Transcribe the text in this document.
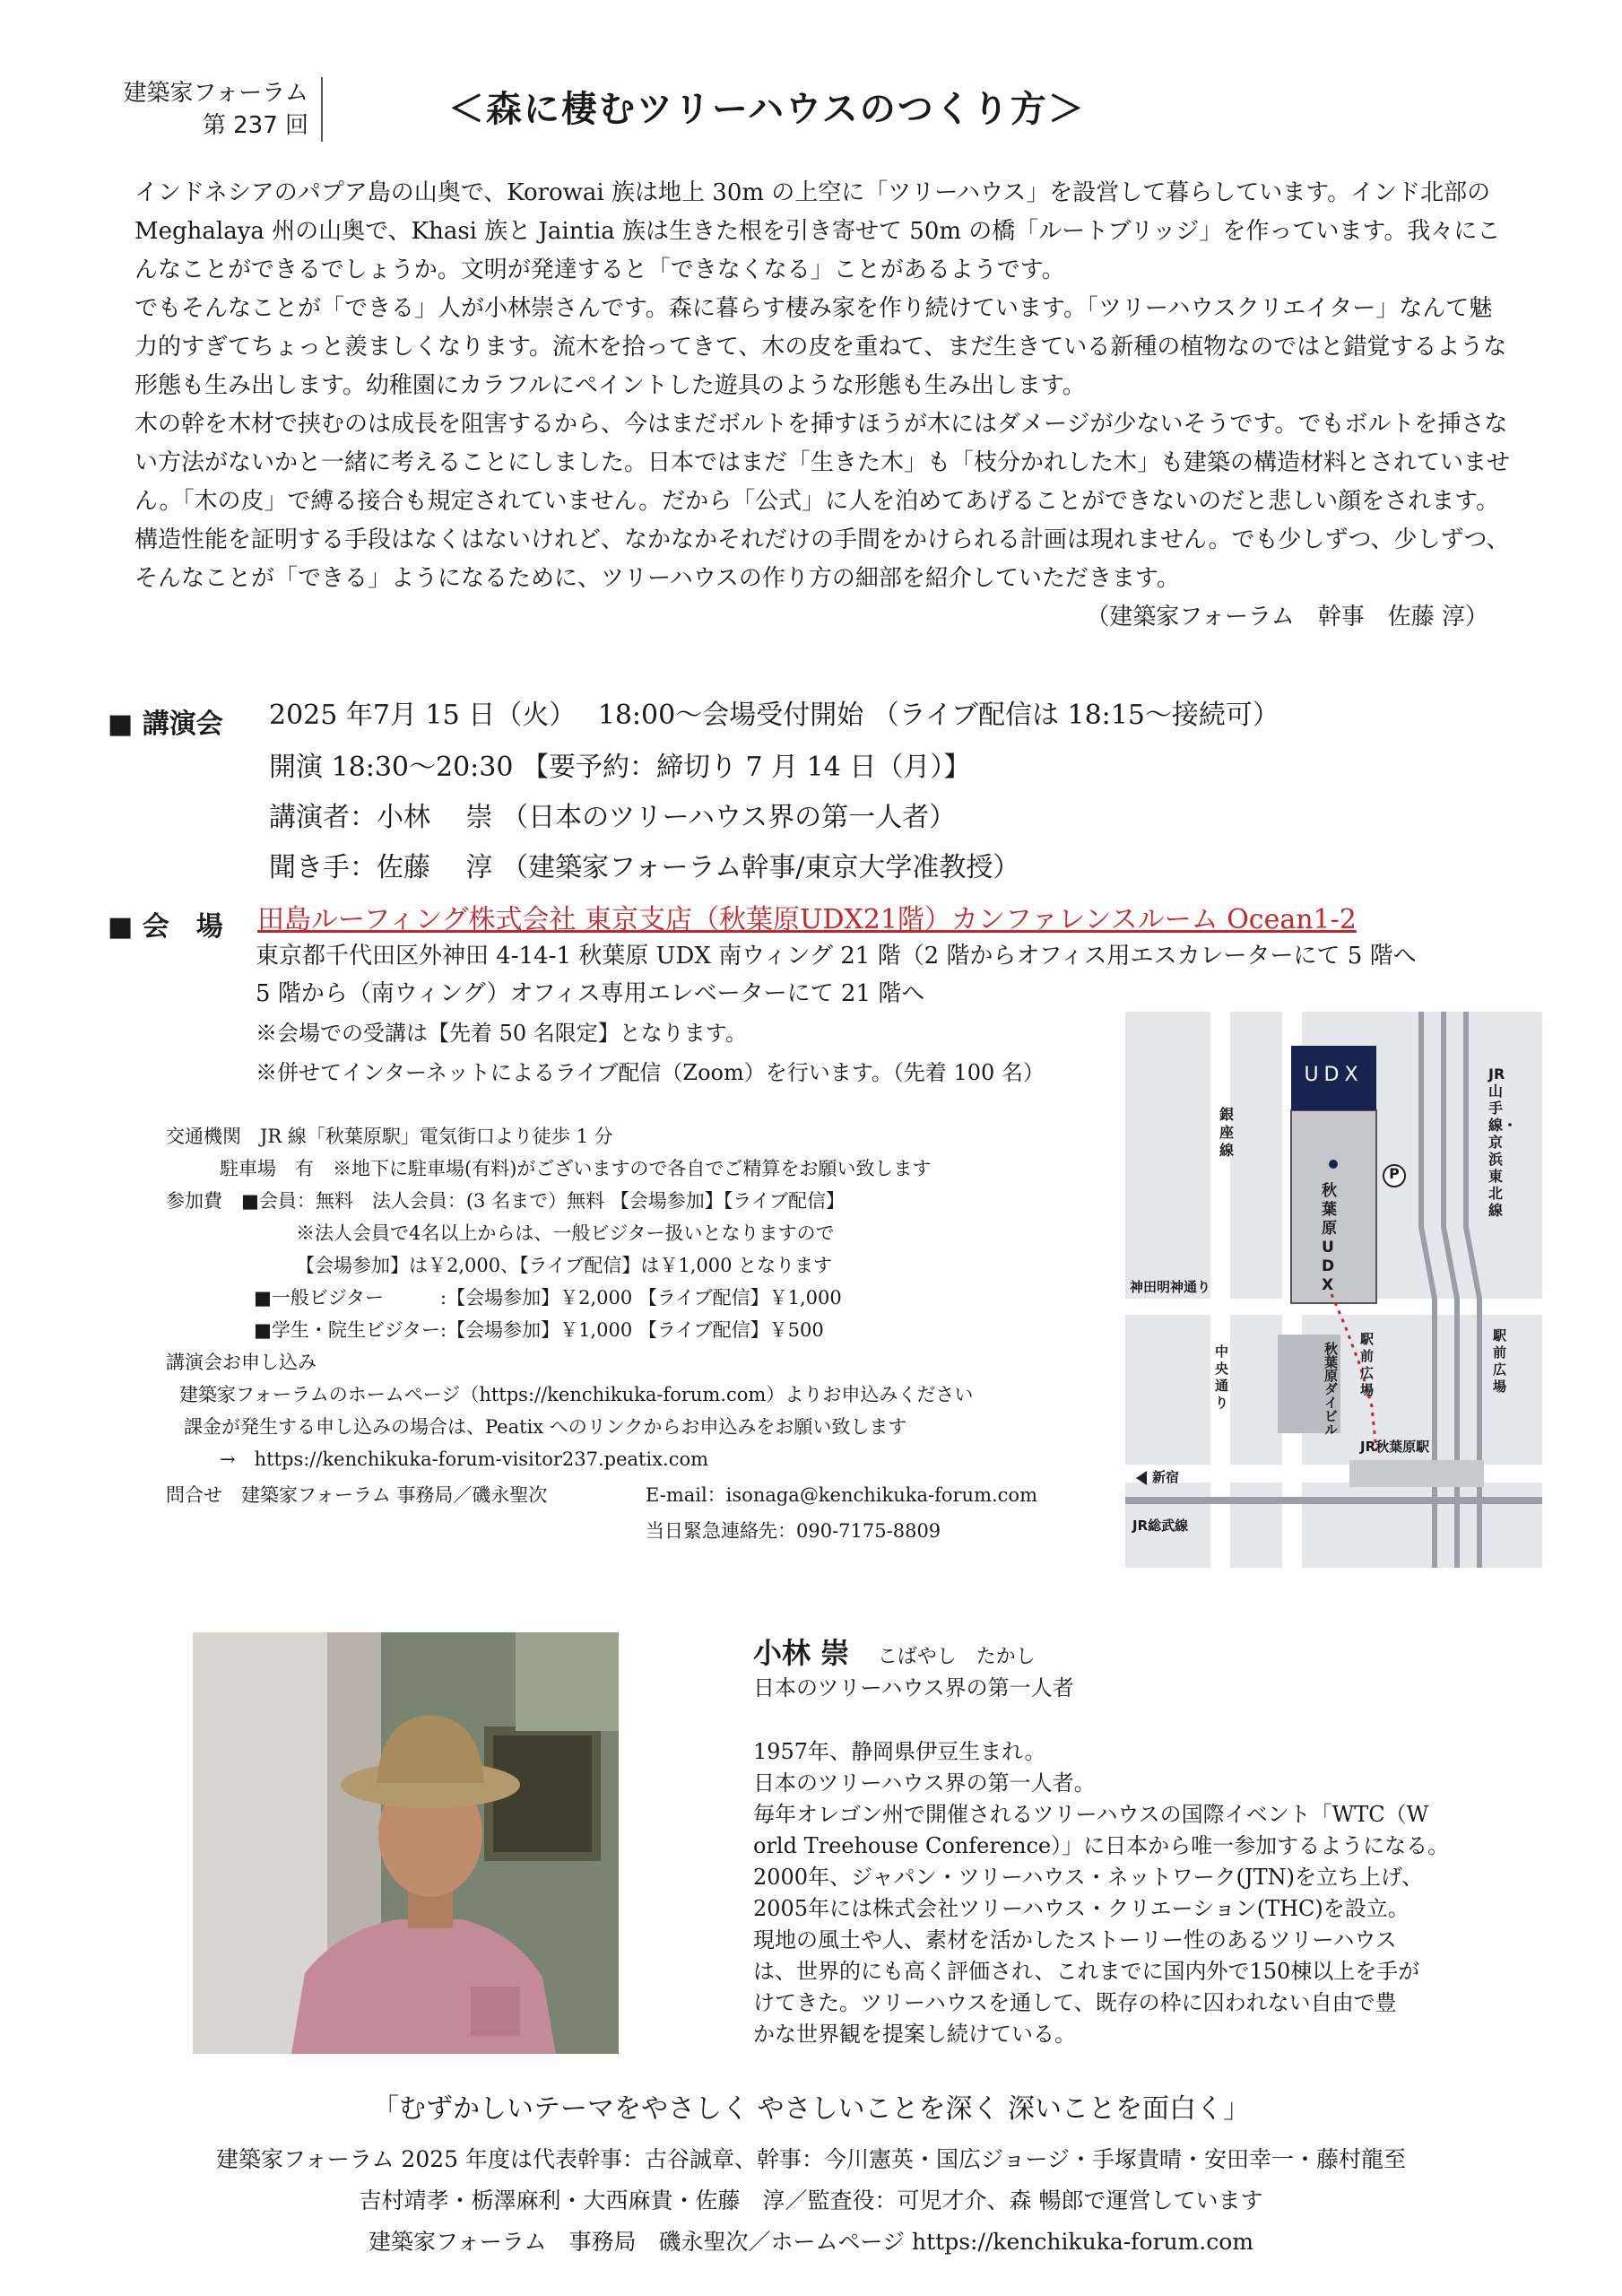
建築家フォーラム
第 237 回	＜森に棲むツリーハウスのつくり方＞

インドネシアのパプア島の山奥で、Korowai 族は地上 30m の上空に「ツリーハウス」を設営して暮らしています。インド北部の Meghalaya 州の山奥で、Khasi 族と Jaintia 族は生きた根を引き寄せて 50m の橋「ルートブリッジ」を作っています。我々にこんなことができるでしょうか。文明が発達すると「できなくなる」ことがあるようです。

でもそんなことが「できる」人が小林崇さんです。森に暮らす棲み家を作り続けています。「ツリーハウスクリエイター」なんて魅力的すぎてちょっと羨ましくなります。流木を拾ってきて、木の皮を重ねて、まだ生きている新種の植物なのではと錯覚するような形態も生み出します。幼稚園にカラフルにペイントした遊具のような形態も生み出します。

木の幹を木材で挟むのは成長を阻害するから、今はまだボルトを挿すほうが木にはダメージが少ないそうです。でもボルトを挿さない方法がないかと一緒に考えることにしました。日本ではまだ「生きた木」も「枝分かれした木」も建築の構造材料とされていません。「木の皮」で縛る接合も規定されていません。だから「公式」に人を泊めてあげることができないのだと悲しい顔をされます。構造性能を証明する手段はなくはないけれど、なかなかそれだけの手間をかけられる計画は現れません。でも少しずつ、少しずつ、そんなことが「できる」ようになるために、ツリーハウスの作り方の細部を紹介していただきます。

（建築家フォーラム　幹事　佐藤 淳）

■ 講演会 2025 年7月 15 日（火）　 18:00～会場受付開始 （ライブ配信は 18:15～接続可）
開演 18:30～20:30 【要予約：締切り 7 月 14 日（月）】
講演者：小林　 崇 （日本のツリーハウス界の第一人者）
聞き手：佐藤　 淳 （建築家フォーラム幹事/東京大学准教授）
■ 会　場 田島ルーフィング株式会社 東京支店（秋葉原UDX21階）カンファレンスルーム Ocean1-2
東京都千代田区外神田 4-14-1 秋葉原 UDX 南ウィング 21 階（2 階からオフィス用エスカレーターにて 5 階へ
5 階から（南ウィング）オフィス専用エレベーターにて 21 階へ
※会場での受講は【先着 50 名限定】となります。
※併せてインターネットによるライブ配信（Zoom）を行います。（先着 100 名）
交通機関　JR 線「秋葉原駅」電気街口より徒歩 1 分
駐車場　有　※地下に駐車場(有料)がございますので各自でご精算をお願い致します
参加費　■会員：無料　法人会員：(3 名まで）無料 【会場参加】【ライブ配信】
※法人会員で4名以上からは、一般ビジター扱いとなりますので
【会場参加】は￥2,000、【ライブ配信】は￥1,000 となります
■一般ビジター　　　:【会場参加】￥2,000 【ライブ配信】￥1,000
■学生・院生ビジター:【会場参加】￥1,000 【ライブ配信】￥500
講演会お申し込み
建築家フォーラムのホームページ（https://kenchikuka-forum.com）よりお申込みください
課金が発生する申し込みの場合は、Peatix へのリンクからお申込みをお願い致します
→　https://kenchikuka-forum-visitor237.peatix.com
問合せ　建築家フォーラム 事務局／磯永聖次	E-mail：isonaga@kenchikuka-forum.com
当日緊急連絡先：090-7175-8809
UDX
銀座線
JR山手線・京浜東北線
秋葉原UDX
P
神田明神通り
中央通り	秋葉原ダイビル
駅前広場
駅前広場
新宿
JR秋葉原駅
JR総武線
小林 崇 こばやし　たかし
日本のツリーハウス界の第一人者
1957年、静岡県伊豆生まれ。
日本のツリーハウス界の第一人者。
毎年オレゴン州で開催されるツリーハウスの国際イベント「WTC（W
orld Treehouse Conference）」に日本から唯一参加するようになる。
2000年、ジャパン・ツリーハウス・ネットワーク(JTN)を立ち上げ、
2005年には株式会社ツリーハウス・クリエーション(THC)を設立。
現地の風土や人、素材を活かしたストーリー性のあるツリーハウス
は、世界的にも高く評価され、これまでに国内外で150棟以上を手が
けてきた。ツリーハウスを通して、既存の枠に囚われない自由で豊
かな世界観を提案し続けている。
「むずかしいテーマをやさしく やさしいことを深く 深いことを面白く」
建築家フォーラム 2025 年度は代表幹事：古谷誠章、幹事：今川憲英・国広ジョージ・手塚貴晴・安田幸一・藤村龍至
吉村靖孝・栃澤麻利・大西麻貴・佐藤　淳／監査役：可児才介、森 暢郎で運営しています
建築家フォーラム　事務局　磯永聖次／ホームページ https://kenchikuka-forum.com
